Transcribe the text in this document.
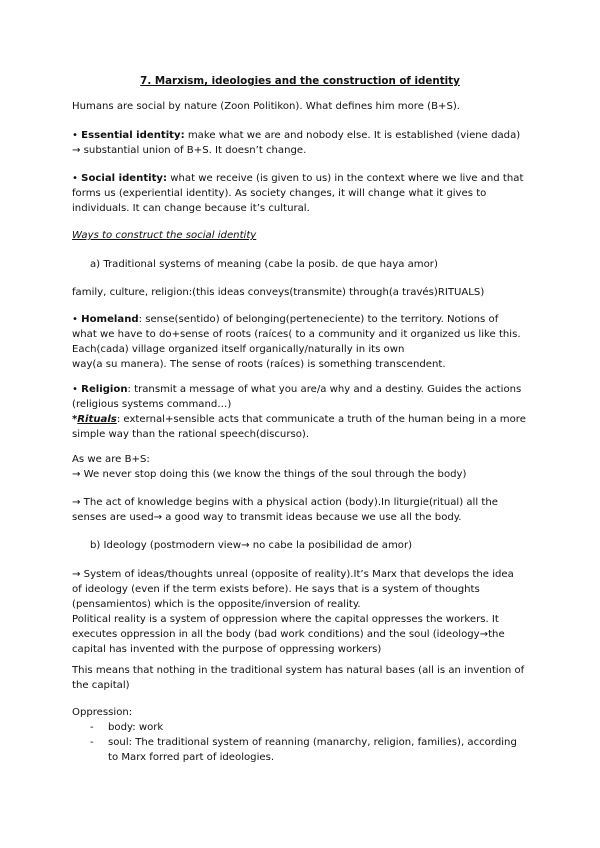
7. Marxism, ideologies and the construction of identity
Humans are social by nature (Zoon Politikon). What defines him more (B+S).
• Essential identity: make what we are and nobody else. It is established (viene dada)
→ substantial union of B+S. It doesn’t change.
• Social identity: what we receive (is given to us) in the context where we live and that
forms us (experiential identity). As society changes, it will change what it gives to
individuals. It can change because it’s cultural.
Ways to construct the social identity
a) Traditional systems of meaning (cabe la posib. de que haya amor)
family, culture, religion:(this ideas conveys(transmite) through(a través)RITUALS)
• Homeland: sense(sentido) of belonging(perteneciente) to the territory. Notions of
what we have to do+sense of roots (raíces( to a community and it organized us like this.
Each(cada) village organized itself organically/naturally in its own
way(a su manera). The sense of roots (raíces) is something transcendent.
• Religion: transmit a message of what you are/a why and a destiny. Guides the actions
(religious systems command…)
*Rituals: external+sensible acts that communicate a truth of the human being in a more
simple way than the rational speech(discurso).
As we are B+S:
→ We never stop doing this (we know the things of the soul through the body)
→ The act of knowledge begins with a physical action (body).In liturgie(ritual) all the
senses are used→ a good way to transmit ideas because we use all the body.
b) Ideology (postmodern view→ no cabe la posibilidad de amor)
→ System of ideas/thoughts unreal (opposite of reality).It’s Marx that develops the idea
of ideology (even if the term exists before). He says that is a system of thoughts
(pensamientos) which is the opposite/inversion of reality.
Political reality is a system of oppression where the capital oppresses the workers. It
executes oppression in all the body (bad work conditions) and the soul (ideology→the
capital has invented with the purpose of oppressing workers)
This means that nothing in the traditional system has natural bases (all is an invention of
the capital)
Oppression:
- body: work
- soul: The traditional system of reanning (manarchy, religion, families), according
to Marx forred part of ideologies.
